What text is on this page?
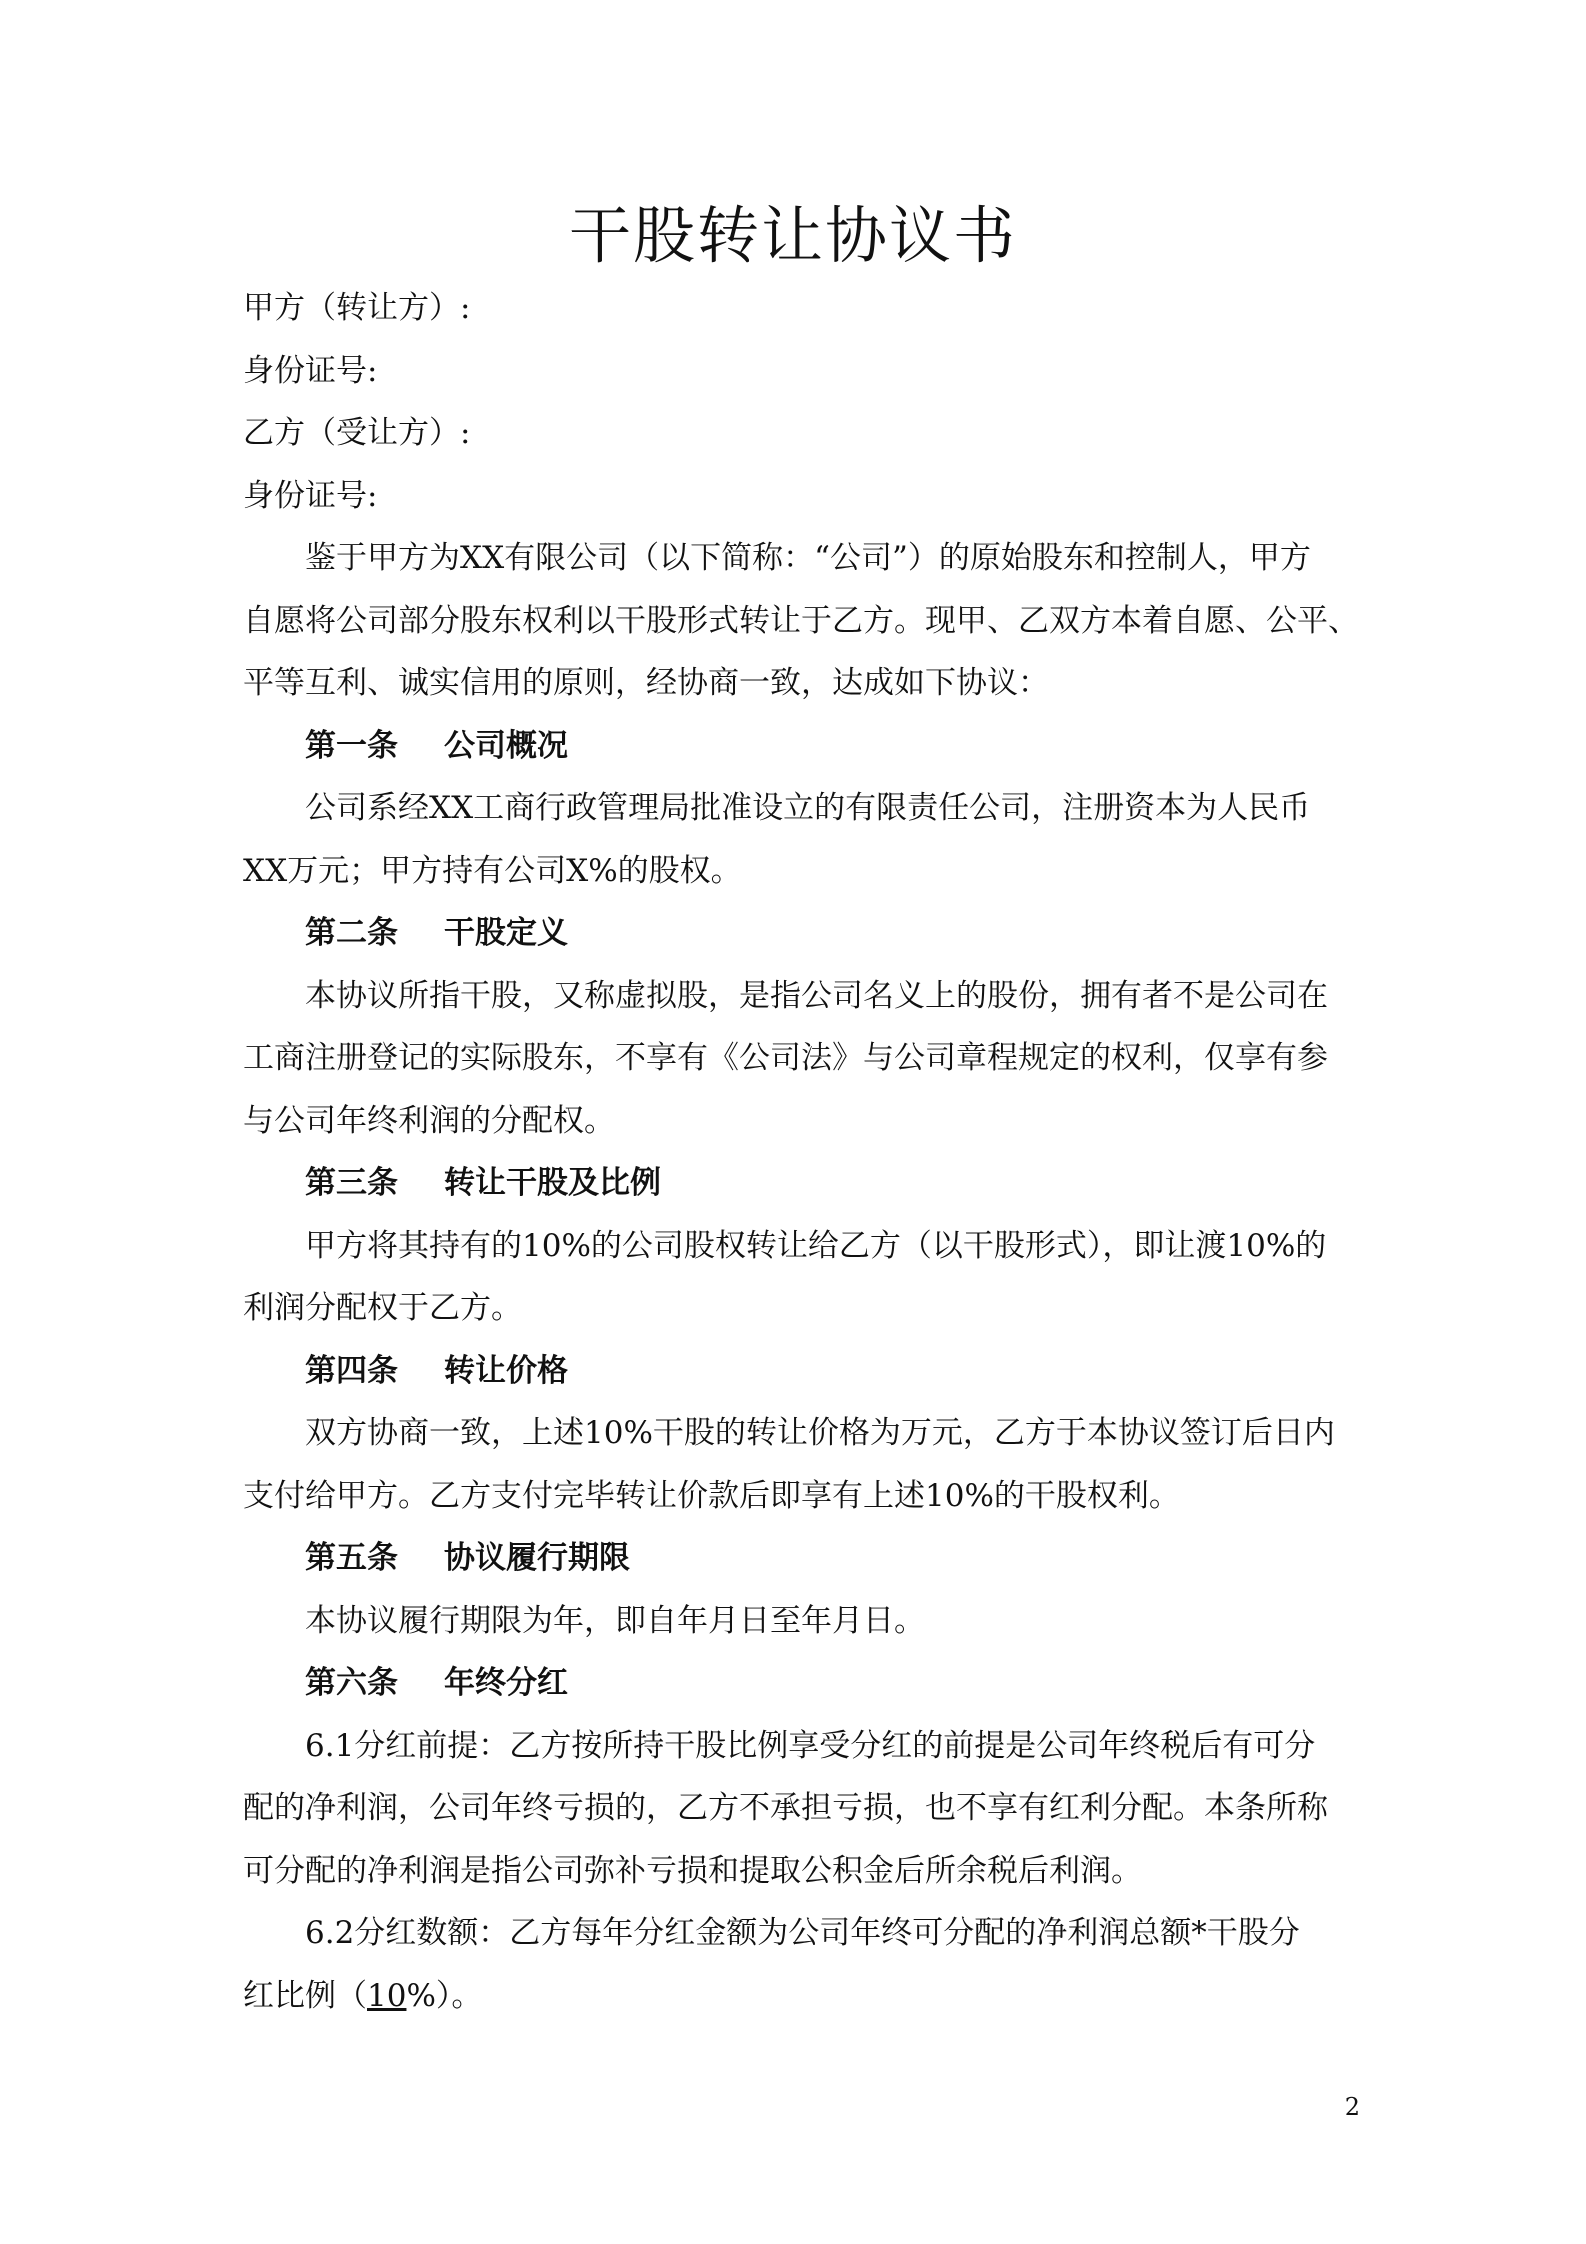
干股转让协议书

甲方（转让方）:

身份证号:

乙方（受让方）:

身份证号:

鉴于甲方为XX有限公司（以下简称：“公司”）的原始股东和控制人，甲方

自愿将公司部分股东权利以干股形式转让于乙方。现甲、乙双方本着自愿、公平、

平等互利、诚实信用的原则，经协商一致，达成如下协议：

第一条 公司概况

公司系经XX工商行政管理局批准设立的有限责任公司，注册资本为人民币

XX万元；甲方持有公司X%的股权。

第二条 干股定义

本协议所指干股，又称虚拟股，是指公司名义上的股份，拥有者不是公司在

工商注册登记的实际股东，不享有《公司法》与公司章程规定的权利，仅享有参

与公司年终利润的分配权。

第三条 转让干股及比例

甲方将其持有的10%的公司股权转让给乙方（以干股形式），即让渡10%的

利润分配权于乙方。

第四条 转让价格

双方协商一致，上述10%干股的转让价格为万元，乙方于本协议签订后日内

支付给甲方。乙方支付完毕转让价款后即享有上述10%的干股权利。

第五条 协议履行期限

本协议履行期限为年，即自年月日至年月日。

第六条 年终分红

6.1分红前提：乙方按所持干股比例享受分红的前提是公司年终税后有可分

配的净利润，公司年终亏损的，乙方不承担亏损，也不享有红利分配。本条所称

可分配的净利润是指公司弥补亏损和提取公积金后所余税后利润。

6.2分红数额：乙方每年分红金额为公司年终可分配的净利润总额*干股分

红比例（10%）。

2
